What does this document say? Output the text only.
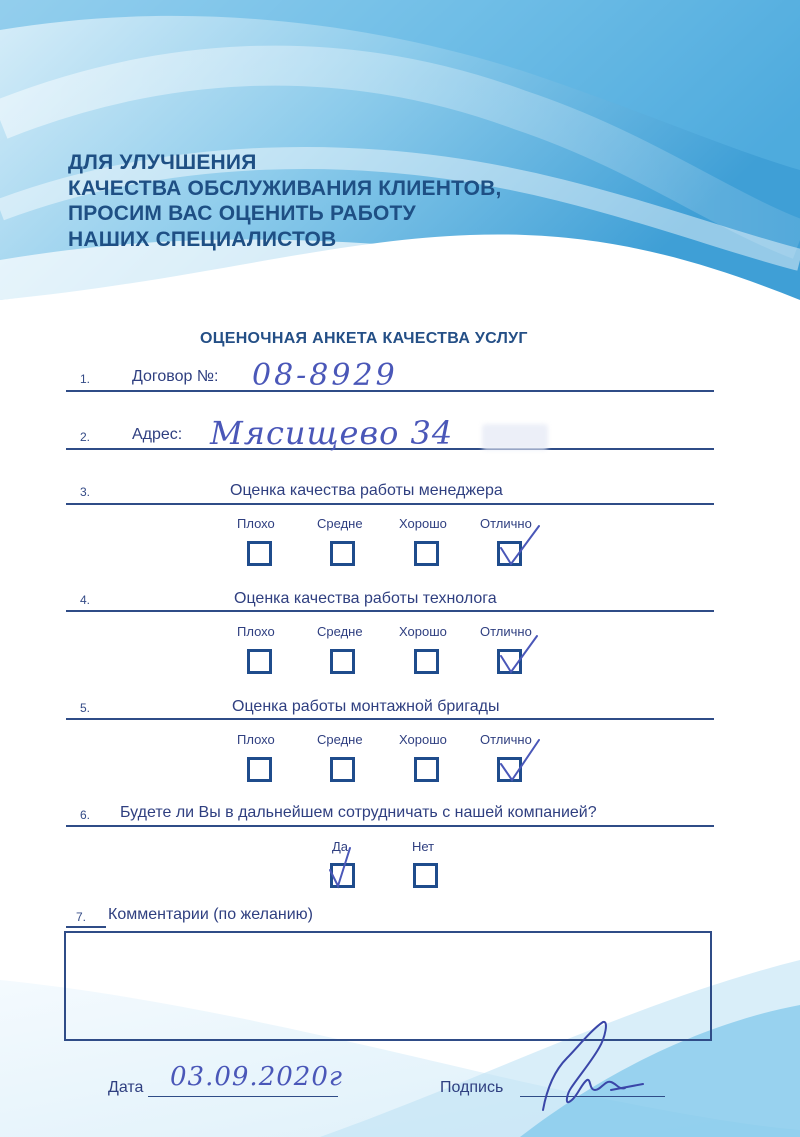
ДЛЯ УЛУЧШЕНИЯ
КАЧЕСТВА ОБСЛУЖИВАНИЯ КЛИЕНТОВ,
ПРОСИМ ВАС ОЦЕНИТЬ РАБОТУ
НАШИХ СПЕЦИАЛИСТОВ
ОЦЕНОЧНАЯ АНКЕТА КАЧЕСТВА УСЛУГ
1.	Договор №: 08-8929
2.	Адрес: Мясищево 34
3.	Оценка качества работы менеджера
Плохо	Средне	Хорошо	Отлично
4.	Оценка качества работы технолога
Плохо	Средне	Хорошо	Отлично
5.	Оценка работы монтажной бригады
Плохо	Средне	Хорошо	Отлично
6. Будете ли Вы в дальнейшем сотрудничать с нашей компанией?
Да	Нет
7. Комментарии (по желанию)
Дата 03.09.2020г	Подпись
